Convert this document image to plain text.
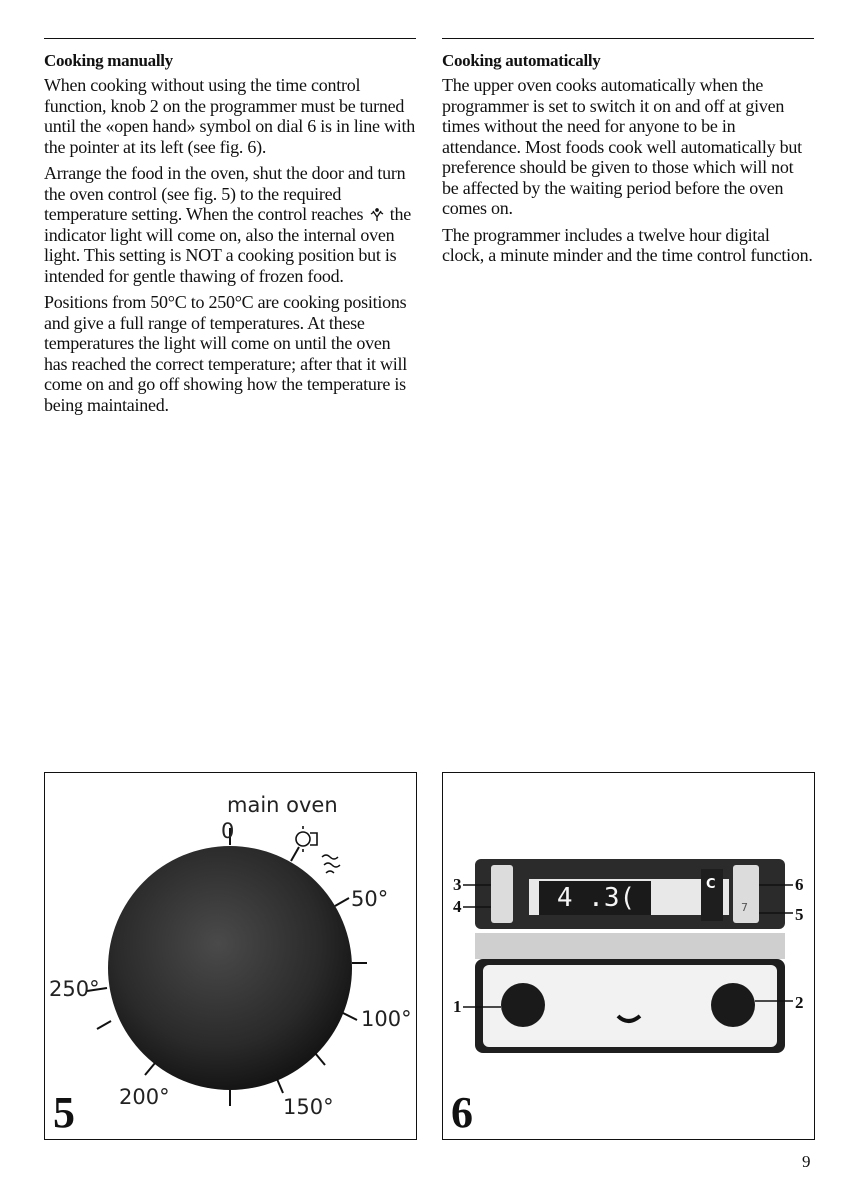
Cooking manually

When cooking without using the time control function, knob 2 on the programmer must be turned until the «open hand» symbol on dial 6 is in line with the pointer at its left (see fig. 6).

Arrange the food in the oven, shut the door and turn the oven control (see fig. 5) to the required temperature setting. When the control reaches the indicator light will come on, also the internal oven light. This setting is NOT a cooking position but is intended for gentle thawing of frozen food.

Positions from 50°C to 250°C are cooking positions and give a full range of temperatures. At these temperatures the light will come on until the oven has reached the correct temperature; after that it will come on and go off showing how the temperature is being maintained.

Cooking automatically

The upper oven cooks automatically when the programmer is set to switch it on and off at given times without the need for anyone to be in attendance. Most foods cook well automatically but preference should be given to those which will not be affected by the waiting period before the oven comes on.

The programmer includes a twelve hour digital clock, a minute minder and the time control function.

main oven
0
50°
100°
150°
200°
250°
5
4 .3(	C
7
3
4
1
6
5
2
6
9
